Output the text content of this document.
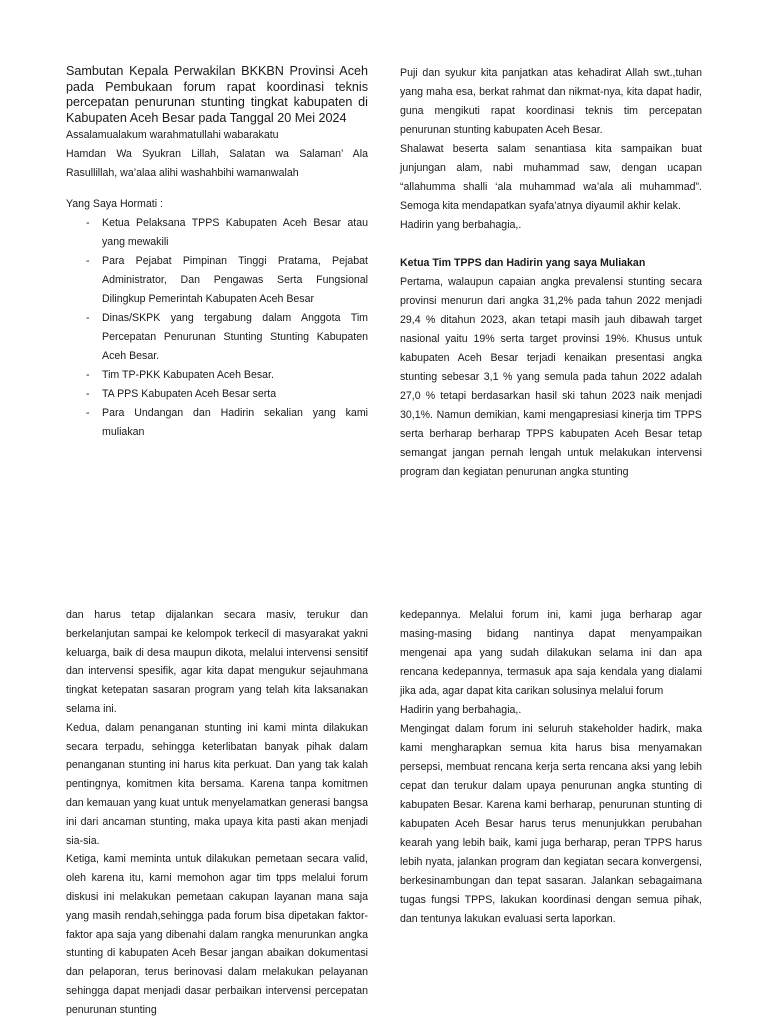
Sambutan Kepala Perwakilan BKKBN Provinsi Aceh pada Pembukaan forum rapat koordinasi teknis percepatan penurunan stunting tingkat kabupaten di Kabupaten Aceh Besar pada Tanggal 20 Mei 2024

Assalamualakum warahmatullahi wabarakatu

Hamdan Wa Syukran Lillah, Salatan wa Salaman’ Ala Rasullillah, wa’alaa alihi washahbihi wamanwalah

Yang Saya Hormati :

- Ketua Pelaksana TPPS Kabupaten Aceh Besar atau yang mewakili
- Para Pejabat Pimpinan Tinggi Pratama, Pejabat Administrator, Dan Pengawas Serta Fungsional Dilingkup Pemerintah Kabupaten Aceh Besar
- Dinas/SKPK yang tergabung dalam Anggota Tim Percepatan Penurunan Stunting Stunting Kabupaten Aceh Besar.
- Tim TP-PKK Kabupaten Aceh Besar.
- TA PPS Kabupaten Aceh Besar serta
- Para Undangan dan Hadirin sekalian yang kami muliakan

Puji dan syukur kita panjatkan atas kehadirat Allah swt.,tuhan yang maha esa, berkat rahmat dan nikmat-nya, kita dapat hadir, guna mengikuti rapat koordinasi teknis tim percepatan penurunan stunting kabupaten Aceh Besar.

Shalawat beserta salam senantiasa kita sampaikan buat junjungan alam, nabi muhammad saw, dengan ucapan “allahumma shalli ‘ala muhammad wa’ala ali muhammad”. Semoga kita mendapatkan syafa’atnya diyaumil akhir kelak.

Hadirin yang berbahagia,.

Ketua Tim TPPS dan Hadirin yang saya Muliakan

Pertama, walaupun capaian angka prevalensi stunting secara provinsi menurun dari angka 31,2% pada tahun 2022 menjadi 29,4 % ditahun 2023, akan tetapi masih jauh dibawah target nasional yaitu 19% serta target provinsi 19%. Khusus untuk kabupaten Aceh Besar terjadi kenaikan presentasi angka stunting sebesar 3,1 % yang semula pada tahun 2022 adalah 27,0 % tetapi berdasarkan hasil ski tahun 2023 naik menjadi 30,1%. Namun demikian, kami mengapresiasi kinerja tim TPPS serta berharap berharap TPPS kabupaten Aceh Besar tetap semangat jangan pernah lengah untuk melakukan intervensi program dan kegiatan penurunan angka stunting

dan harus tetap dijalankan secara masiv, terukur dan berkelanjutan sampai ke kelompok terkecil di masyarakat yakni keluarga, baik di desa maupun dikota, melalui intervensi sensitif dan intervensi spesifik, agar kita dapat mengukur sejauhmana tingkat ketepatan sasaran program yang telah kita laksanakan selama ini.

Kedua, dalam penanganan stunting ini kami minta dilakukan secara terpadu, sehingga keterlibatan banyak pihak dalam penanganan stunting ini harus kita perkuat. Dan yang tak kalah pentingnya, komitmen kita bersama. Karena tanpa komitmen dan kemauan yang kuat untuk menyelamatkan generasi bangsa ini dari ancaman stunting, maka upaya kita pasti akan menjadi sia-sia.

Ketiga, kami meminta untuk dilakukan pemetaan secara valid, oleh karena itu, kami memohon agar tim tpps melalui forum diskusi ini melakukan pemetaan cakupan layanan mana saja yang masih rendah,sehingga pada forum bisa dipetakan faktor-faktor apa saja yang dibenahi dalam rangka menurunkan angka stunting di kabupaten Aceh Besar jangan abaikan dokumentasi dan pelaporan, terus berinovasi dalam melakukan pelayanan sehingga dapat menjadi dasar perbaikan intervensi percepatan penurunan stunting

kedepannya. Melalui forum ini, kami juga berharap agar masing-masing bidang nantinya dapat menyampaikan mengenai apa yang sudah dilakukan selama ini dan apa rencana kedepannya, termasuk apa saja kendala yang dialami jika ada, agar dapat kita carikan solusinya melalui forum

Hadirin yang berbahagia,.

Mengingat dalam forum ini seluruh stakeholder hadirk, maka kami mengharapkan semua kita harus bisa menyamakan persepsi, membuat rencana kerja serta rencana aksi yang lebih cepat dan terukur dalam upaya penurunan angka stunting di kabupaten Besar. Karena kami berharap, penurunan stunting di kabupaten Aceh Besar harus terus menunjukkan perubahan kearah yang lebih baik, kami juga berharap, peran TPPS harus lebih nyata, jalankan program dan kegiatan secara konvergensi, berkesinambungan dan tepat sasaran. Jalankan sebagaimana tugas fungsi TPPS, lakukan koordinasi dengan semua pihak, dan tentunya lakukan evaluasi serta laporkan.
